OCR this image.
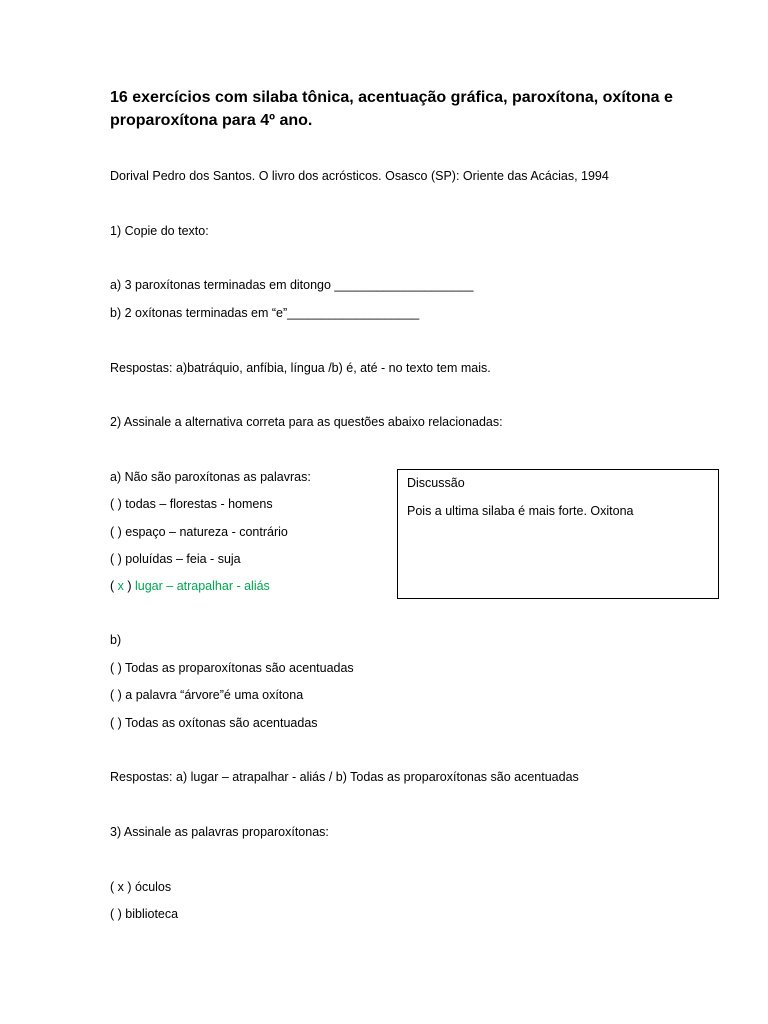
16 exercícios com silaba tônica, acentuação gráfica, paroxítona, oxítona e proparoxítona para 4º ano.
Dorival Pedro dos Santos. O livro dos acrósticos. Osasco (SP): Oriente das Acácias, 1994
1) Copie do texto:
a) 3 paroxítonas terminadas em ditongo ____________________
b) 2 oxítonas terminadas em “e”___________________
Respostas: a)batráquio, anfíbia, língua /b) é, até - no texto tem mais.
2) Assinale a alternativa correta para as questões abaixo relacionadas:
a) Não são paroxítonas as palavras:
( ) todas – florestas - homens
( ) espaço – natureza - contrário
( ) poluídas – feia - suja
( x ) lugar – atrapalhar - aliás
Discussão
Pois a ultima silaba é mais forte. Oxitona
b)
( ) Todas as proparoxítonas são acentuadas
( ) a palavra “árvore”é uma oxítona
( ) Todas as oxítonas são acentuadas
Respostas: a) lugar – atrapalhar - aliás / b) Todas as proparoxítonas são acentuadas
3) Assinale as palavras proparoxítonas:
( x ) óculos
( ) biblioteca
